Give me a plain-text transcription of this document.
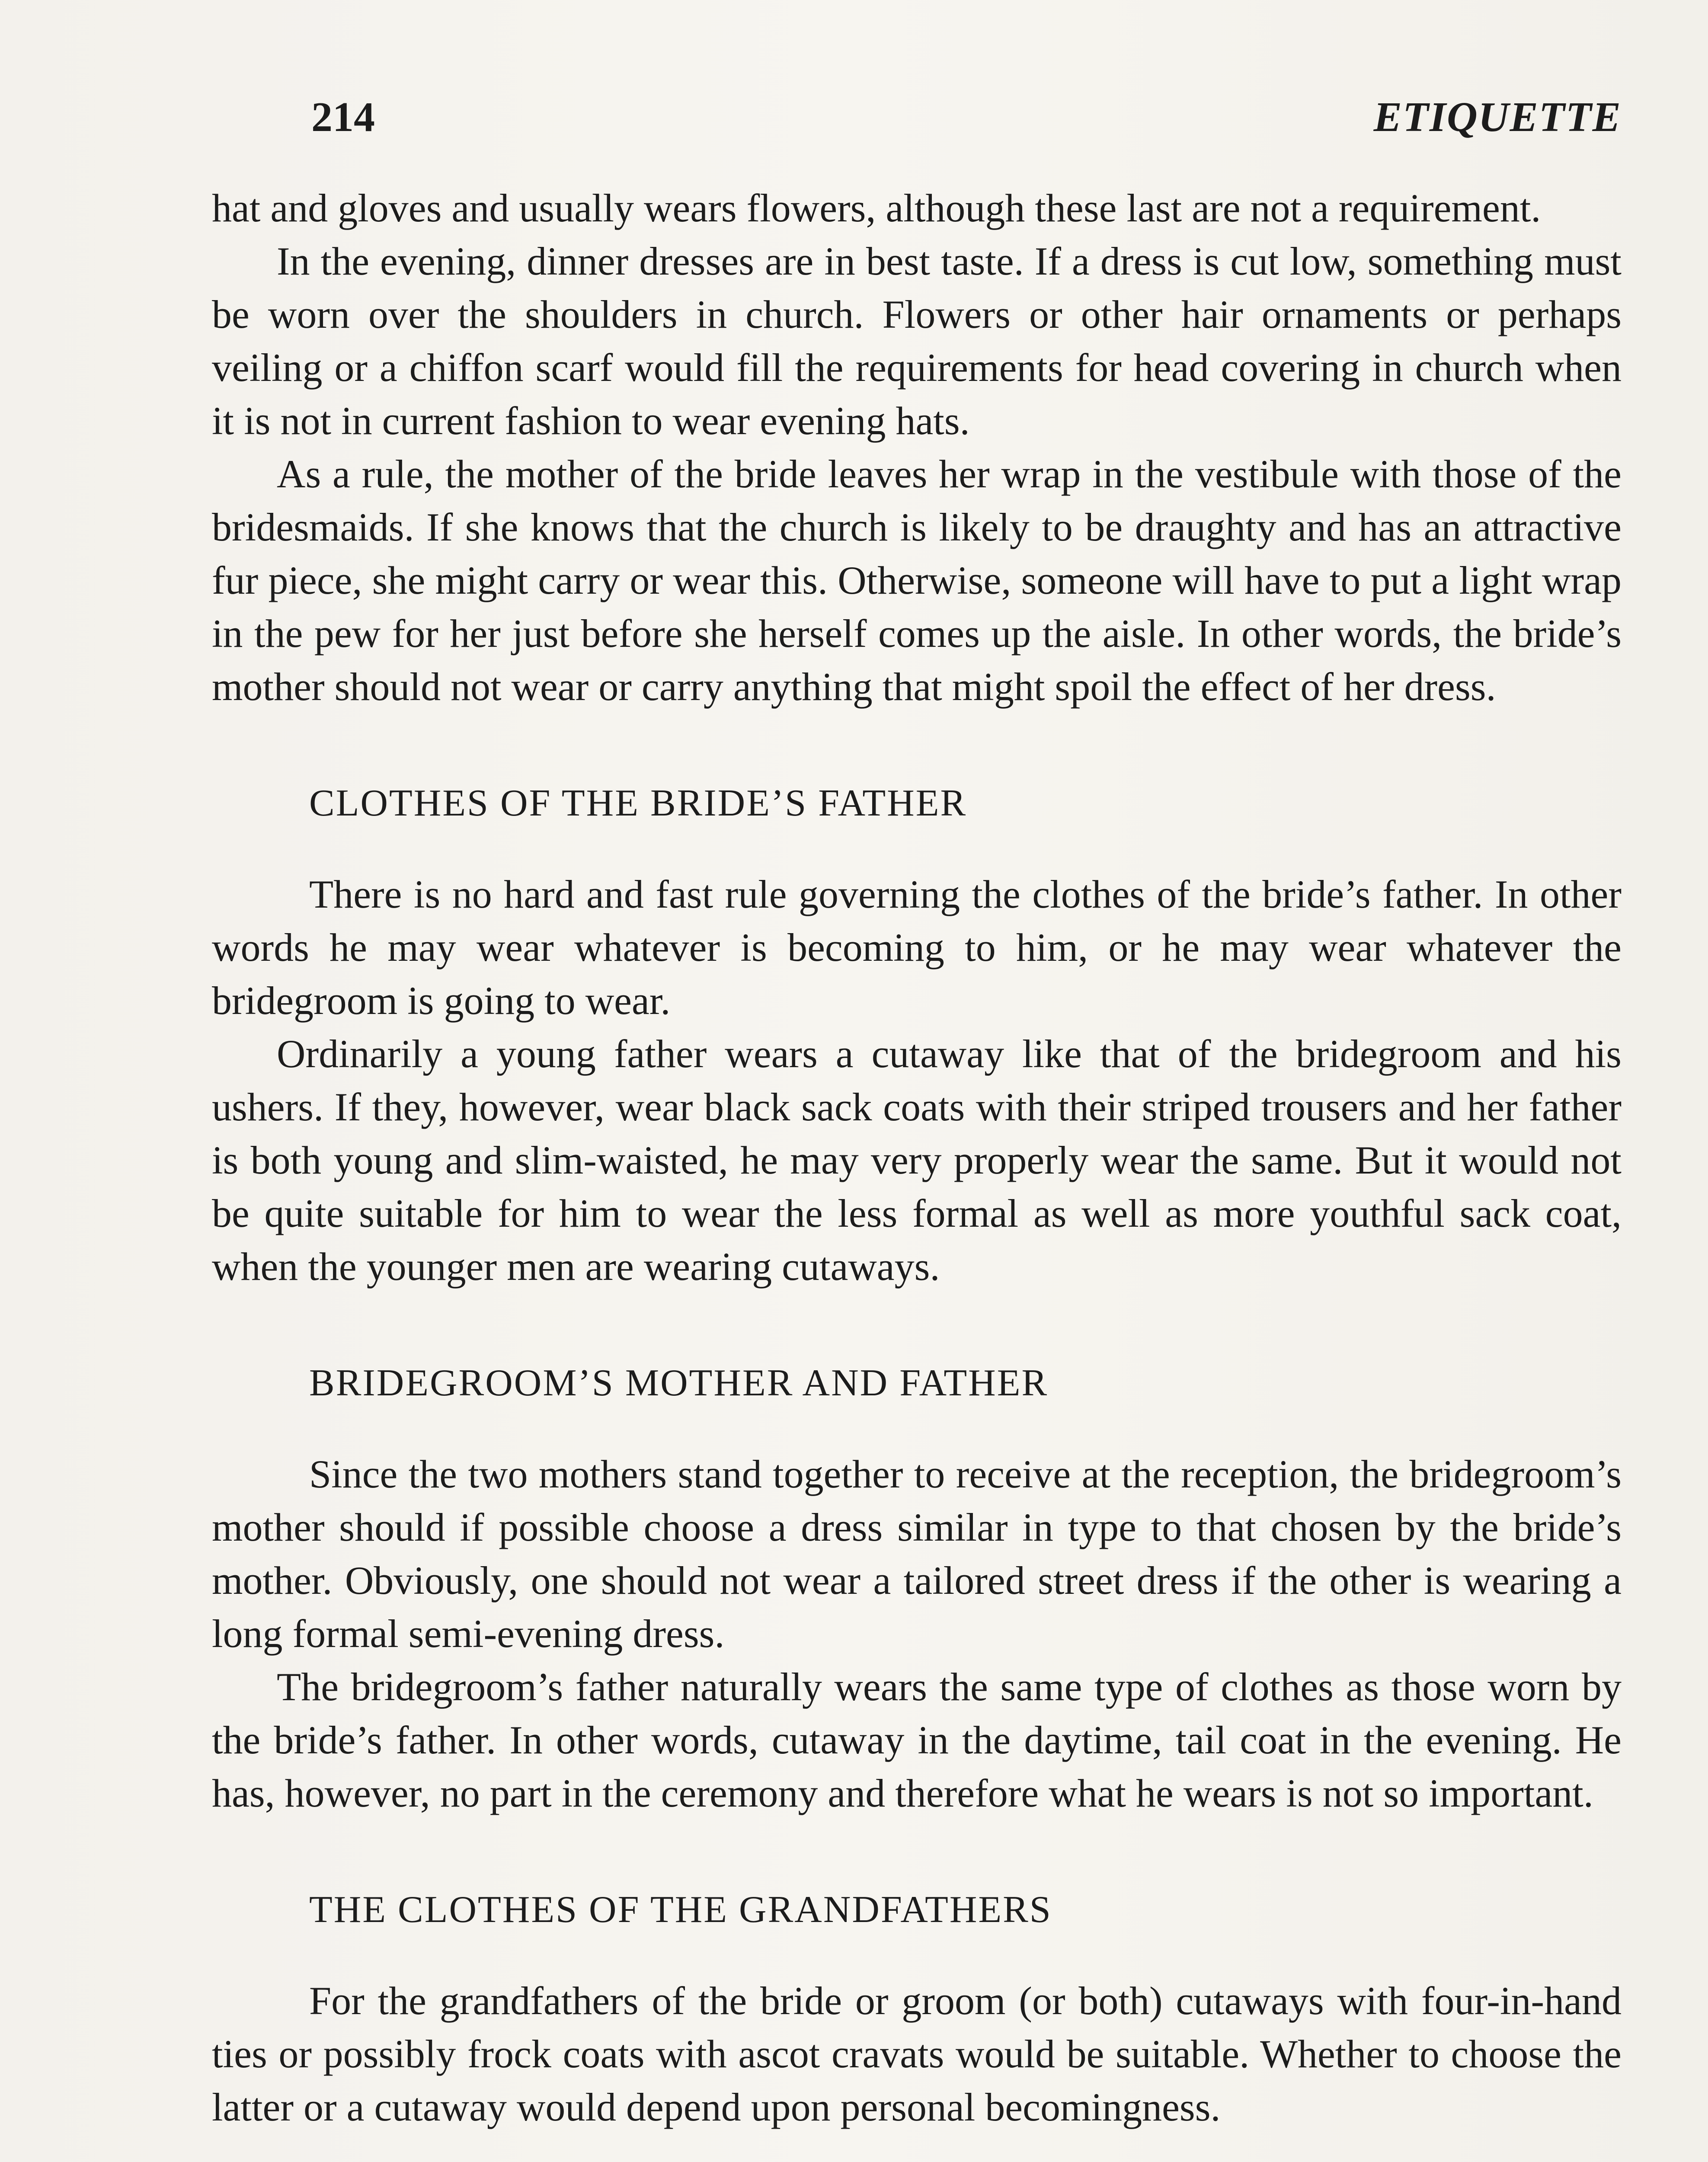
214	ETIQUETTE

hat and gloves and usually wears flowers, although these last are not a requirement.

In the evening, dinner dresses are in best taste. If a dress is cut low, something must be worn over the shoulders in church. Flowers or other hair ornaments or perhaps veiling or a chiffon scarf would fill the requirements for head covering in church when it is not in current fashion to wear evening hats.

As a rule, the mother of the bride leaves her wrap in the vestibule with those of the bridesmaids. If she knows that the church is likely to be draughty and has an attractive fur piece, she might carry or wear this. Otherwise, someone will have to put a light wrap in the pew for her just before she herself comes up the aisle. In other words, the bride’s mother should not wear or carry anything that might spoil the effect of her dress.

CLOTHES OF THE BRIDE’S FATHER

There is no hard and fast rule governing the clothes of the bride’s father. In other words he may wear whatever is becoming to him, or he may wear whatever the bridegroom is going to wear.

Ordinarily a young father wears a cutaway like that of the bridegroom and his ushers. If they, however, wear black sack coats with their striped trousers and her father is both young and slim-waisted, he may very properly wear the same. But it would not be quite suitable for him to wear the less formal as well as more youthful sack coat, when the younger men are wearing cutaways.

BRIDEGROOM’S MOTHER AND FATHER

Since the two mothers stand together to receive at the reception, the bridegroom’s mother should if possible choose a dress similar in type to that chosen by the bride’s mother. Obviously, one should not wear a tailored street dress if the other is wearing a long formal semi-evening dress.

The bridegroom’s father naturally wears the same type of clothes as those worn by the bride’s father. In other words, cutaway in the daytime, tail coat in the evening. He has, however, no part in the ceremony and therefore what he wears is not so important.

THE CLOTHES OF THE GRANDFATHERS

For the grandfathers of the bride or groom (or both) cutaways with four-in-hand ties or possibly frock coats with ascot cravats would be suitable. Whether to choose the latter or a cutaway would depend upon personal becomingness.
